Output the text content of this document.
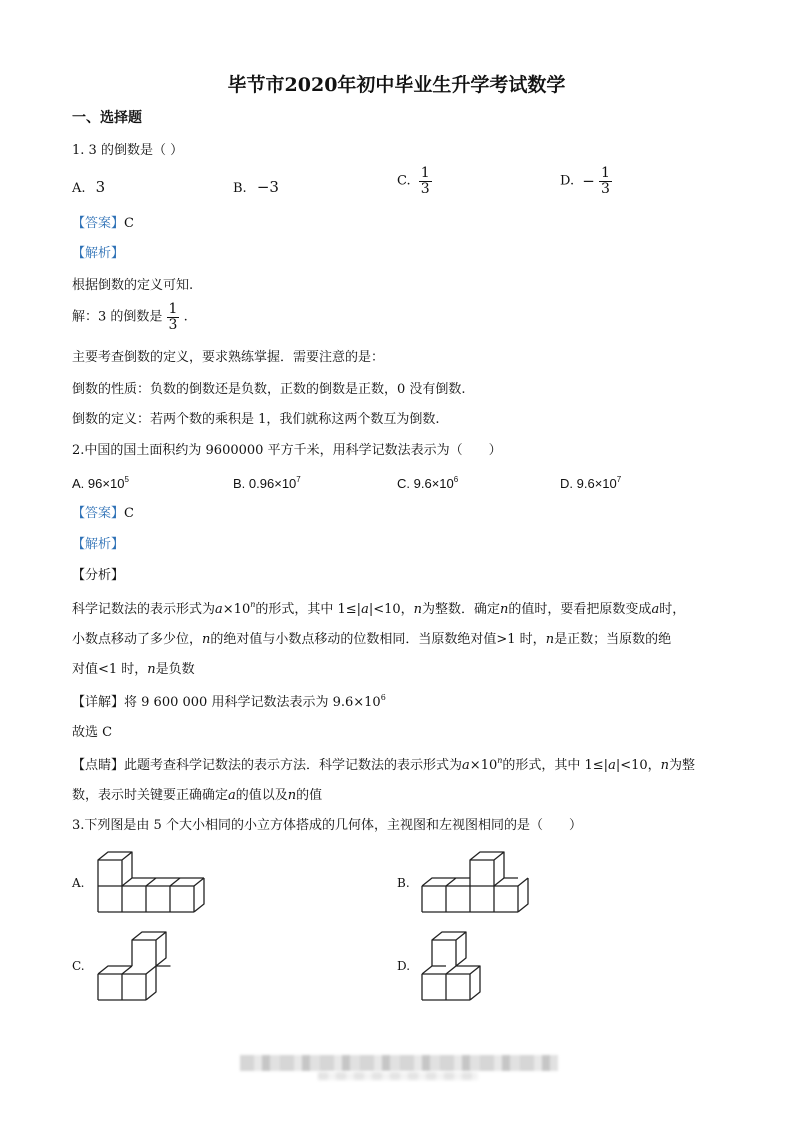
毕节市2020年初中毕业生升学考试数学
一、选择题
1. 3 的倒数是（ ）
A. 3	B. −3	C. $\frac{1}{3}$	D. − $\frac{1}{3}$
【答案】C
【解析】
根据倒数的定义可知.
解：3 的倒数是 $\frac{1}{3}$ .
主要考查倒数的定义，要求熟练掌握．需要注意的是：
倒数的性质：负数的倒数还是负数，正数的倒数是正数，0 没有倒数.
倒数的定义：若两个数的乘积是 1，我们就称这两个数互为倒数.
2.中国的国土面积约为 9600000 平方千米，用科学记数法表示为（　　）
A. $96\times 10^5$	B. $0.96\times 10^7$	C. $9.6\times 10^6$	D. $9.6\times 10^7$
【答案】C
【解析】
【分析】
科学记数法的表示形式为$a\times 10^n$的形式，其中 1≤|a|<10，n为整数．确定n的值时，要看把原数变成a时，
小数点移动了多少位，n的绝对值与小数点移动的位数相同．当原数绝对值>1 时，n是正数；当原数的绝
对值<1 时，n是负数
【详解】将 9 600 000 用科学记数法表示为 $9.6\times 10^6$
故选 C
【点睛】此题考查科学记数法的表示方法．科学记数法的表示形式为$a\times 10^n$的形式，其中 1≤|a|<10，n为整
数，表示时关键要正确确定a的值以及n的值
3.下列图是由 5 个大小相同的小立方体搭成的几何体，主视图和左视图相同的是（　　）
A.	B.
C.	D.
